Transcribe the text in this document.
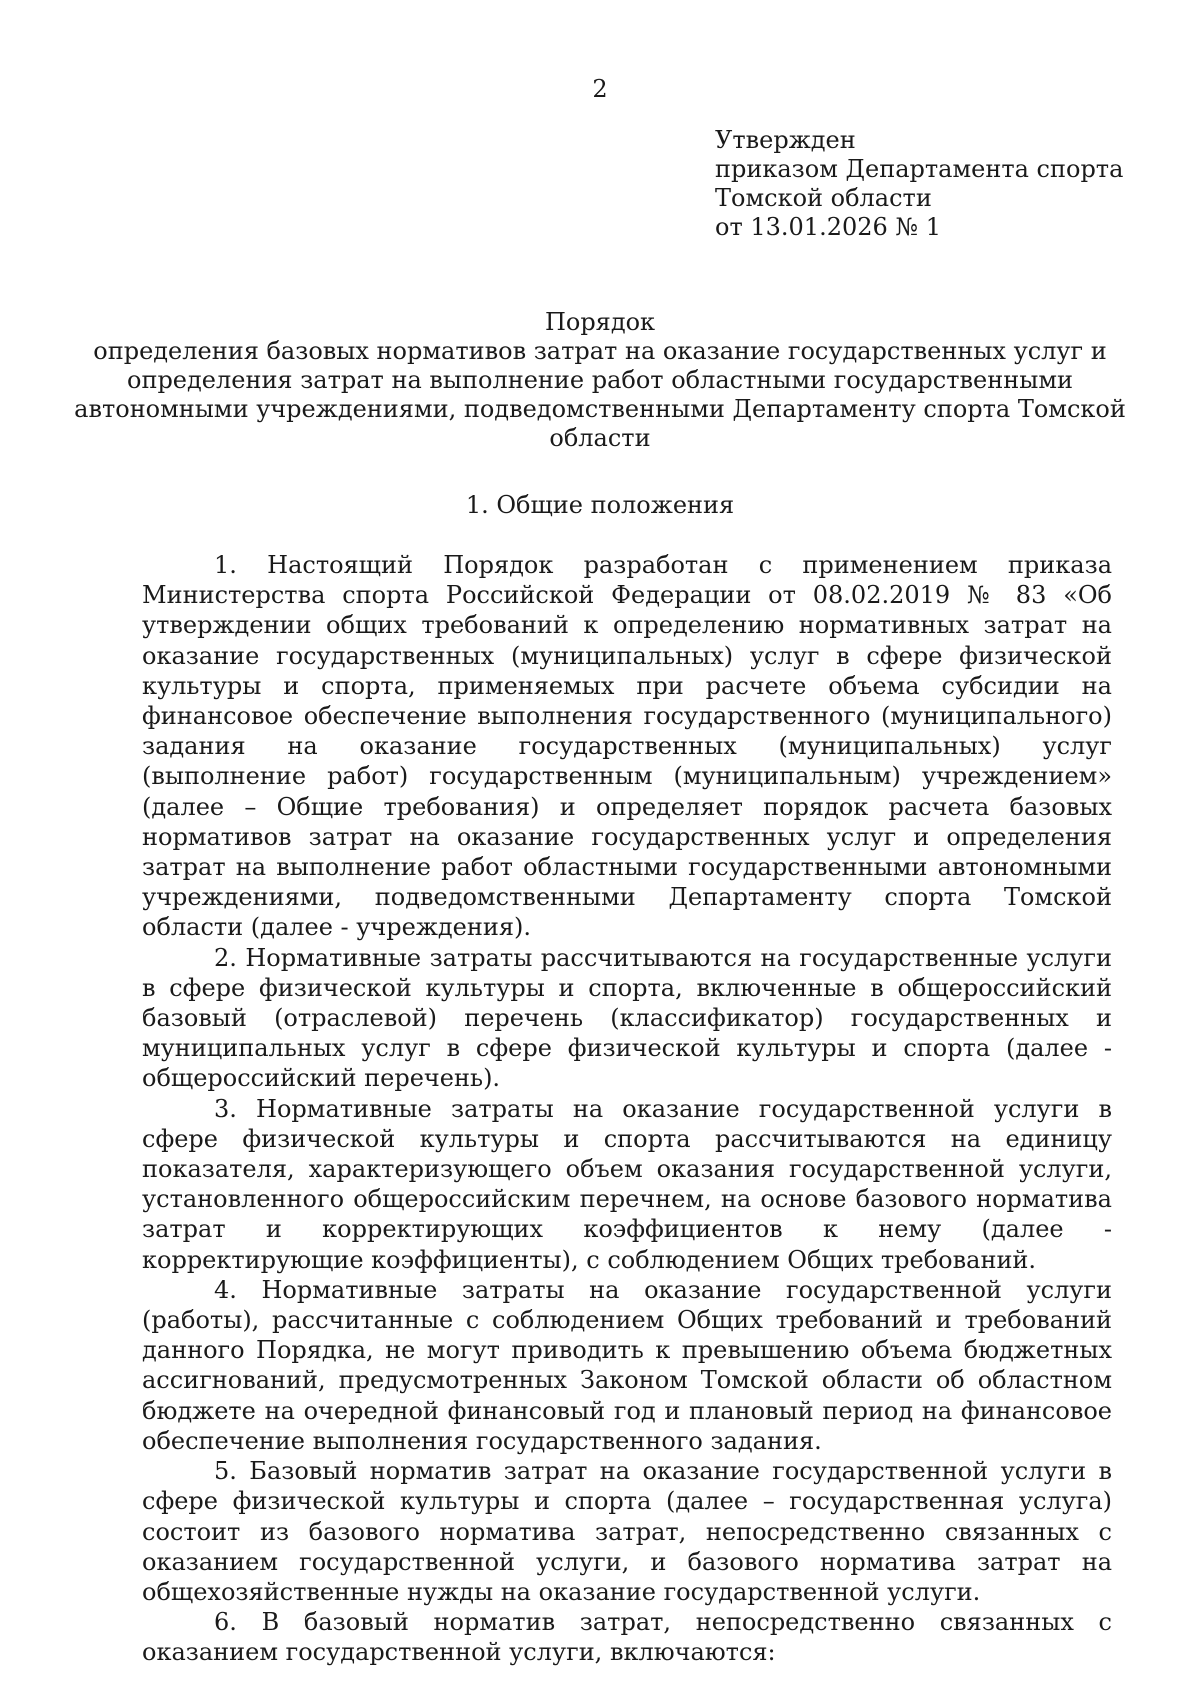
2
Утвержден
приказом Департамента спорта
Томской области
от 13.01.2026 № 1
Порядок
определения базовых нормативов затрат на оказание государственных услуг и
определения затрат на выполнение работ областными государственными
автономными учреждениями, подведомственными Департаменту спорта Томской
области
1. Общие положения

1. Настоящий Порядок разработан с применением приказа Министерства спорта Российской Федерации от 08.02.2019 № 83 «Об утверждении общих требований к определению нормативных затрат на оказание государственных (муниципальных) услуг в сфере физической культуры и спорта, применяемых при расчете объема субсидии на финансовое обеспечение выполнения государственного (муниципального) задания на оказание государственных (муниципальных) услуг (выполнение работ) государственным (муниципальным) учреждением» (далее – Общие требования) и определяет порядок расчета базовых нормативов затрат на оказание государственных услуг и определения затрат на выполнение работ областными государственными автономными учреждениями, подведомственными Департаменту спорта Томской области (далее - учреждения).

2. Нормативные затраты рассчитываются на государственные услуги в сфере физической культуры и спорта, включенные в общероссийский базовый (отраслевой) перечень (классификатор) государственных и муниципальных услуг в сфере физической культуры и спорта (далее - общероссийский перечень).

3. Нормативные затраты на оказание государственной услуги в сфере физической культуры и спорта рассчитываются на единицу показателя, характеризующего объем оказания государственной услуги, установленного общероссийским перечнем, на основе базового норматива затрат и корректирующих коэффициентов к нему (далее - корректирующие коэффициенты), с соблюдением Общих требований.

4. Нормативные затраты на оказание государственной услуги (работы), рассчитанные с соблюдением Общих требований и требований данного Порядка, не могут приводить к превышению объема бюджетных ассигнований, предусмотренных Законом Томской области об областном бюджете на очередной финансовый год и плановый период на финансовое обеспечение выполнения государственного задания.

5. Базовый норматив затрат на оказание государственной услуги в сфере физической культуры и спорта (далее – государственная услуга) состоит из базового норматива затрат, непосредственно связанных с оказанием государственной услуги, и базового норматива затрат на общехозяйственные нужды на оказание государственной услуги.

6. В базовый норматив затрат, непосредственно связанных с оказанием государственной услуги, включаются:
